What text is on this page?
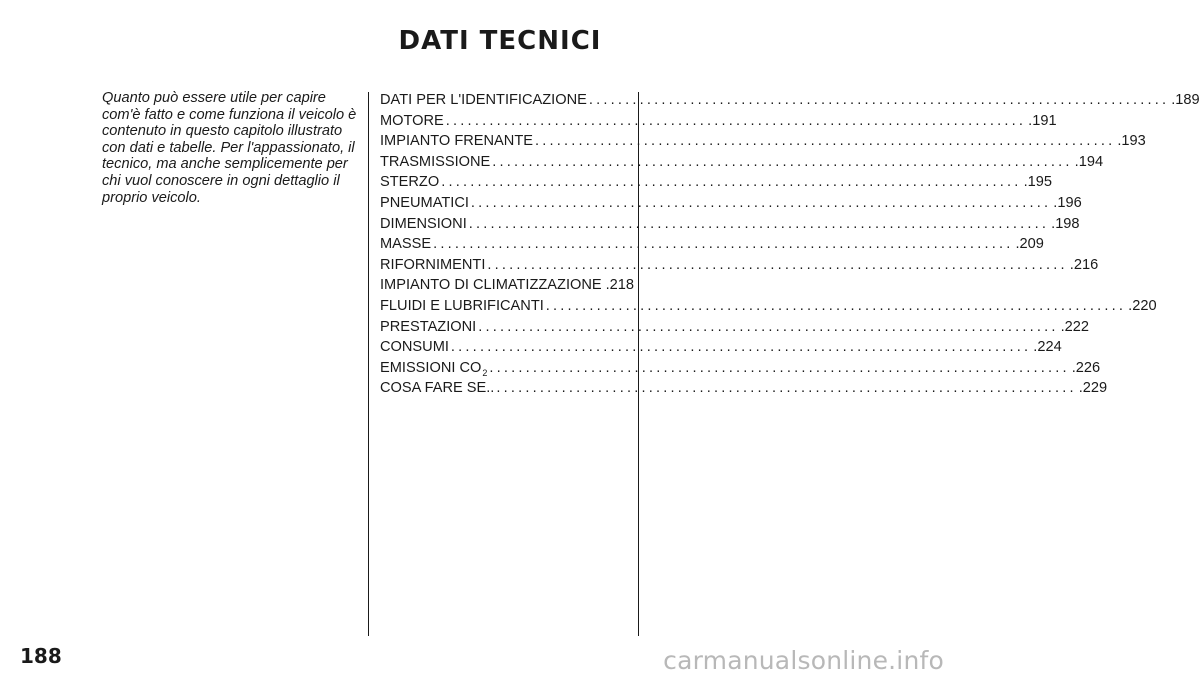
DATI TECNICI

Quanto può essere utile per capire com'è fatto e come funziona il veicolo è contenuto in questo capitolo illustrato con dati e tabelle. Per l'appassionato, il tecnico, ma anche semplicemente per chi vuol conoscere in ogni dettaglio il proprio veicolo.

DATI PER L'IDENTIFICAZIONE ................................................................................ .189
MOTORE ................................................................................ .191
IMPIANTO FRENANTE ................................................................................ .193
TRASMISSIONE ................................................................................ .194
STERZO ................................................................................ .195
PNEUMATICI ................................................................................ .196
DIMENSIONI ................................................................................ .198
MASSE ................................................................................ .209
RIFORNIMENTI ................................................................................ .216
IMPIANTO DI CLIMATIZZAZIONE .218
FLUIDI E LUBRIFICANTI ................................................................................ .220
PRESTAZIONI ................................................................................ .222
CONSUMI ................................................................................ .224
EMISSIONI $CO_2$ ................................................................................ .226
COSA FARE SE.. ................................................................................ .229
188	carmanualsonline.info
